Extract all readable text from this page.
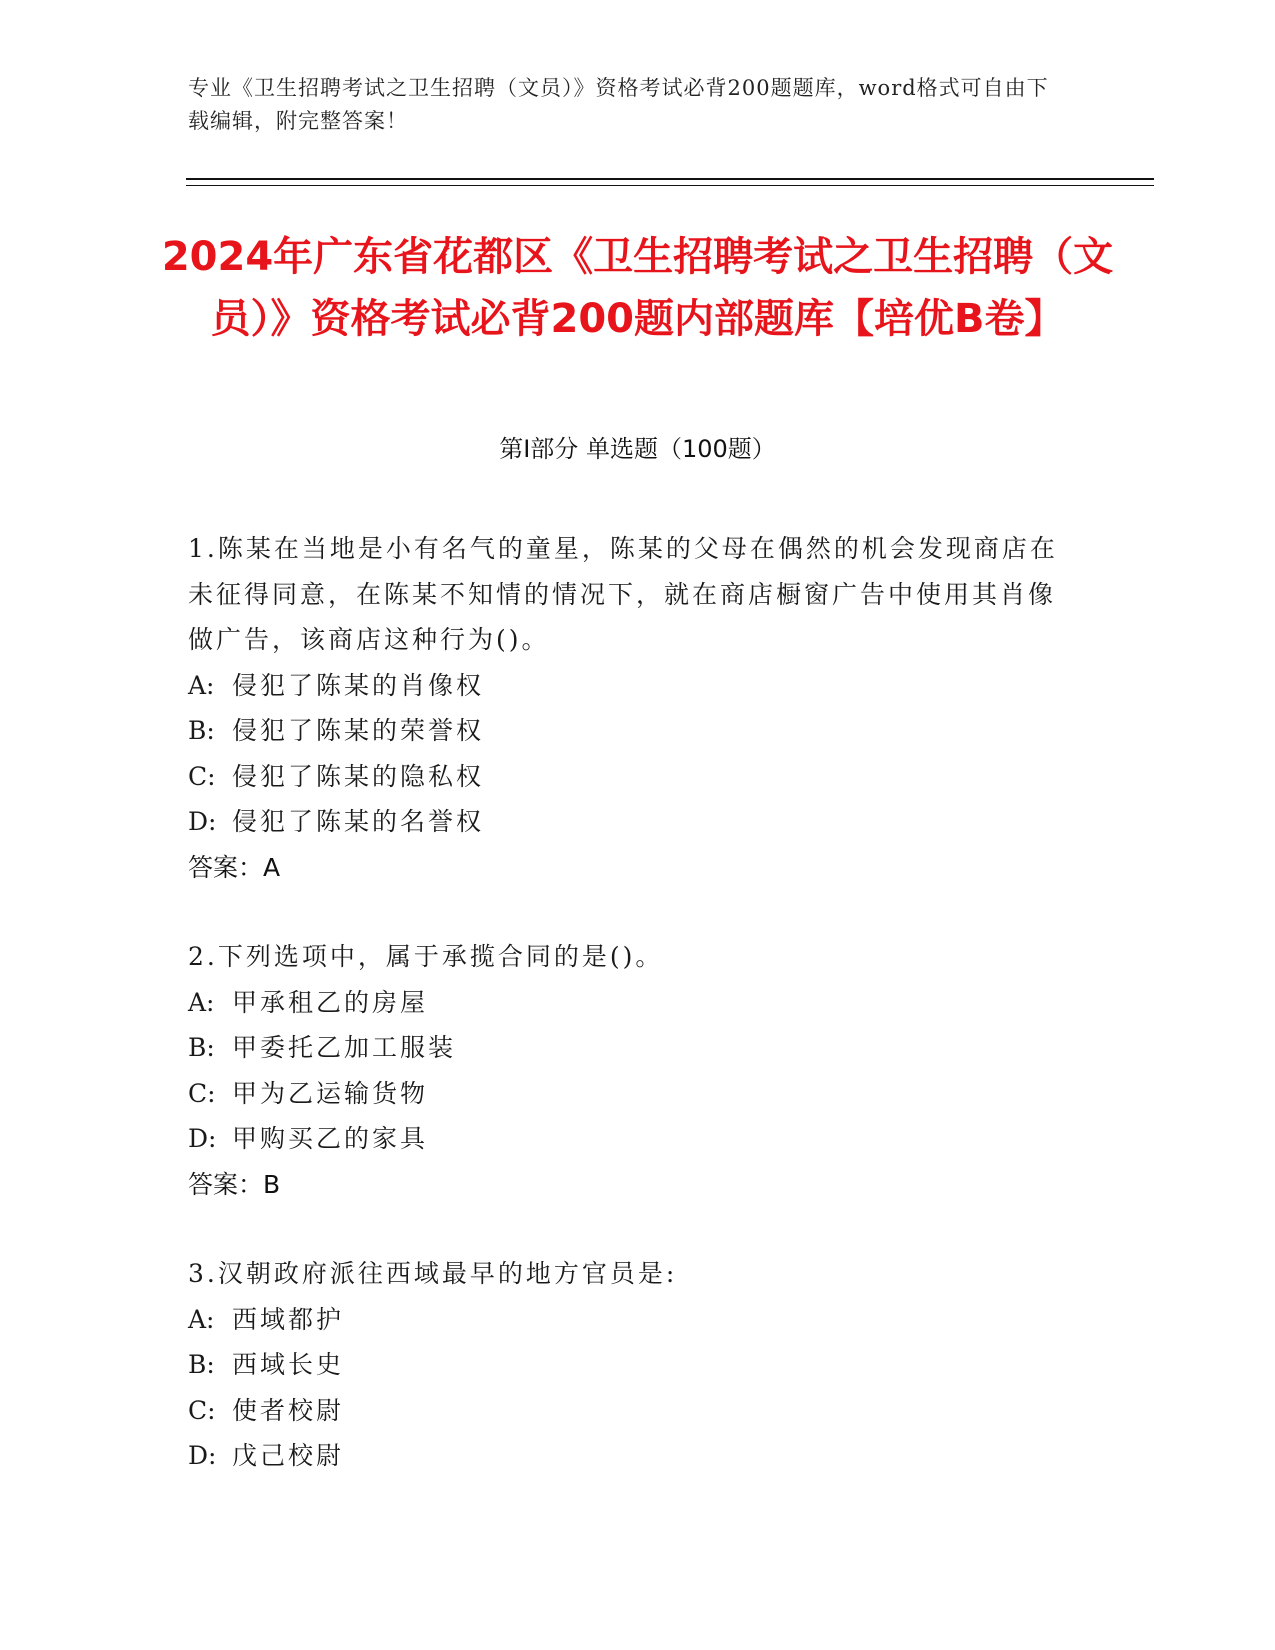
专业《卫生招聘考试之卫生招聘（文员）》资格考试必背200题题库，word格式可自由下载编辑，附完整答案！
2024年广东省花都区《卫生招聘考试之卫生招聘（文员）》资格考试必背200题内部题库【培优B卷】
第I部分 单选题（100题）

1.陈某在当地是小有名气的童星，陈某的父母在偶然的机会发现商店在未征得同意，在陈某不知情的情况下，就在商店橱窗广告中使用其肖像做广告，该商店这种行为()。

A: 侵犯了陈某的肖像权

B: 侵犯了陈某的荣誉权

C: 侵犯了陈某的隐私权

D: 侵犯了陈某的名誉权

答案：A

2.下列选项中，属于承揽合同的是()。

A: 甲承租乙的房屋

B: 甲委托乙加工服装

C: 甲为乙运输货物

D: 甲购买乙的家具

答案：B

3.汉朝政府派往西域最早的地方官员是:

A: 西域都护

B: 西域长史

C: 使者校尉

D: 戊己校尉
